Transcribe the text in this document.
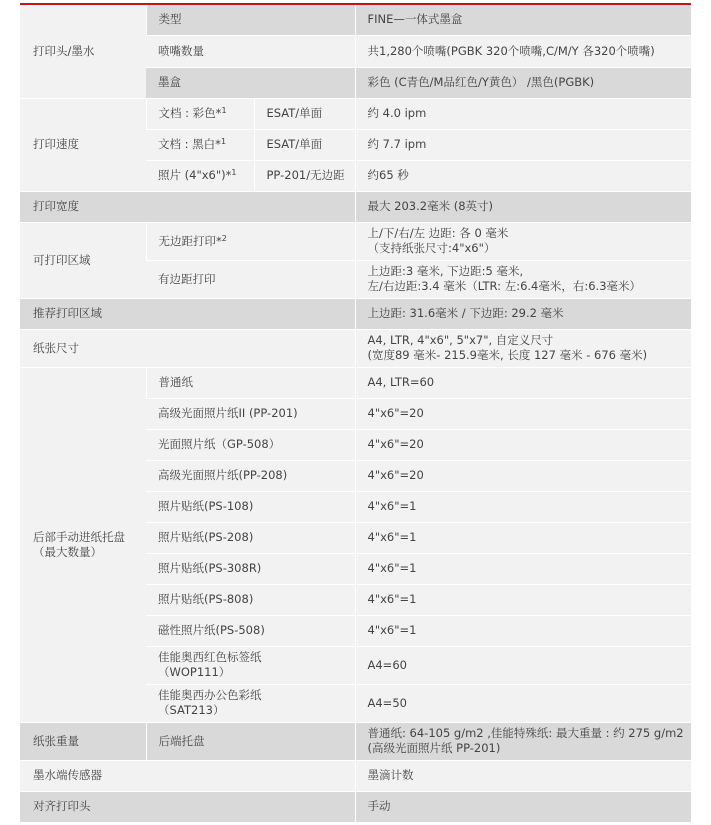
打印头/墨水	类型		FINE—一体式墨盒
	喷嘴数量		共1,280个喷嘴(PGBK 320个喷嘴,C/M/Y 各320个喷嘴)
	墨盒		彩色 (C青色/M品红色/Y黄色） /黑色(PGBK)
打印速度	文档 : 彩色*$^1$	ESAT/单面	约 4.0 ipm
	文档 : 黑白*$^1$	ESAT/单面	约 7.7 ipm
	照片 (4"x6")*$^1$	PP-201/无边距	约65 秒
打印宽度			最大 203.2毫米 (8英寸)
可打印区域	无边距打印*$^2$		上/下/右/左 边距: 各 0 毫米
（支持纸张尺寸:4"x6"）

	有边距打印		上边距:3 毫米, 下边距:5 毫米,
左/右边距:3.4 毫米（LTR: 左:6.4毫米，右:6.3毫米）

推荐打印区域			上边距: 31.6毫米 / 下边距: 29.2 毫米
纸张尺寸			A4, LTR, 4"x6", 5"x7", 自定义尺寸
(宽度89 毫米- 215.9毫米, 长度 127 毫米 - 676 毫米)

后部手动进纸托盘
（最大数量）	普通纸		A4, LTR=60
	高级光面照片纸II (PP-201)		4"x6"=20
	光面照片纸（GP-508）		4"x6"=20
	高级光面照片纸(PP-208)		4"x6"=20
	照片贴纸(PS-108)		4"x6"=1
	照片贴纸(PS-208)		4"x6"=1
	照片贴纸(PS-308R)		4"x6"=1
	照片贴纸(PS-808)		4"x6"=1
	磁性照片纸(PS-508)		4"x6"=1

	佳能奥西红色标签纸
（WOP111）		A4=60

	佳能奥西办公色彩纸
（SAT213）		A4=50
纸张重量	后端托盘		普通纸: 64-105 g/m2 ,佳能特殊纸: 最大重量 : 约 275 g/m2
(高级光面照片纸 PP-201)

墨水端传感器			墨滴计数
对齐打印头			手动
